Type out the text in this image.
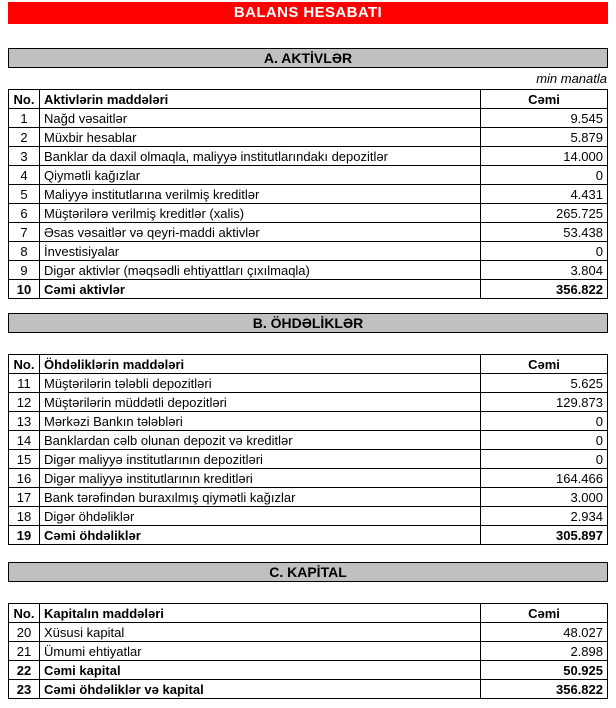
BALANS HESABATI
A. AKTİVLƏR
min manatla
No.	Aktivlərin maddələri	Cəmi
1	Nağd vəsaitlər	9.545
2	Müxbir hesablar	5.879
3	Banklar da daxil olmaqla, maliyyə institutlarındakı depozitlər	14.000
4	Qiymətli kağızlar	0
5	Maliyyə institutlarına verilmiş kreditlər	4.431
6	Müştərilərə verilmiş kreditlər (xalis)	265.725
7	Əsas vəsaitlər və qeyri-maddi aktivlər	53.438
8	İnvestisiyalar	0
9	Digər aktivlər (məqsədli ehtiyattları çıxılmaqla)	3.804
10	Cəmi aktivlər	356.822
B. ÖHDƏLİKLƏR
No.	Öhdəliklərin maddələri	Cəmi
11	Müştərilərin tələbli depozitləri	5.625
12	Müştərilərin müddətli depozitləri	129.873
13	Mərkəzi Bankın tələbləri	0
14	Banklardan cəlb olunan depozit və kreditlər	0
15	Digər maliyyə institutlarının depozitləri	0
16	Digər maliyyə institutlarının kreditləri	164.466
17	Bank tərəfindən buraxılmış qiymətli kağızlar	3.000
18	Digər öhdəliklər	2.934
19	Cəmi öhdəliklər	305.897
C. KAPİTAL
No.	Kapitalın maddələri	Cəmi
20	Xüsusi kapital	48.027
21	Ümumi ehtiyatlar	2.898
22	Cəmi kapital	50.925
23	Cəmi öhdəliklər və kapital	356.822
